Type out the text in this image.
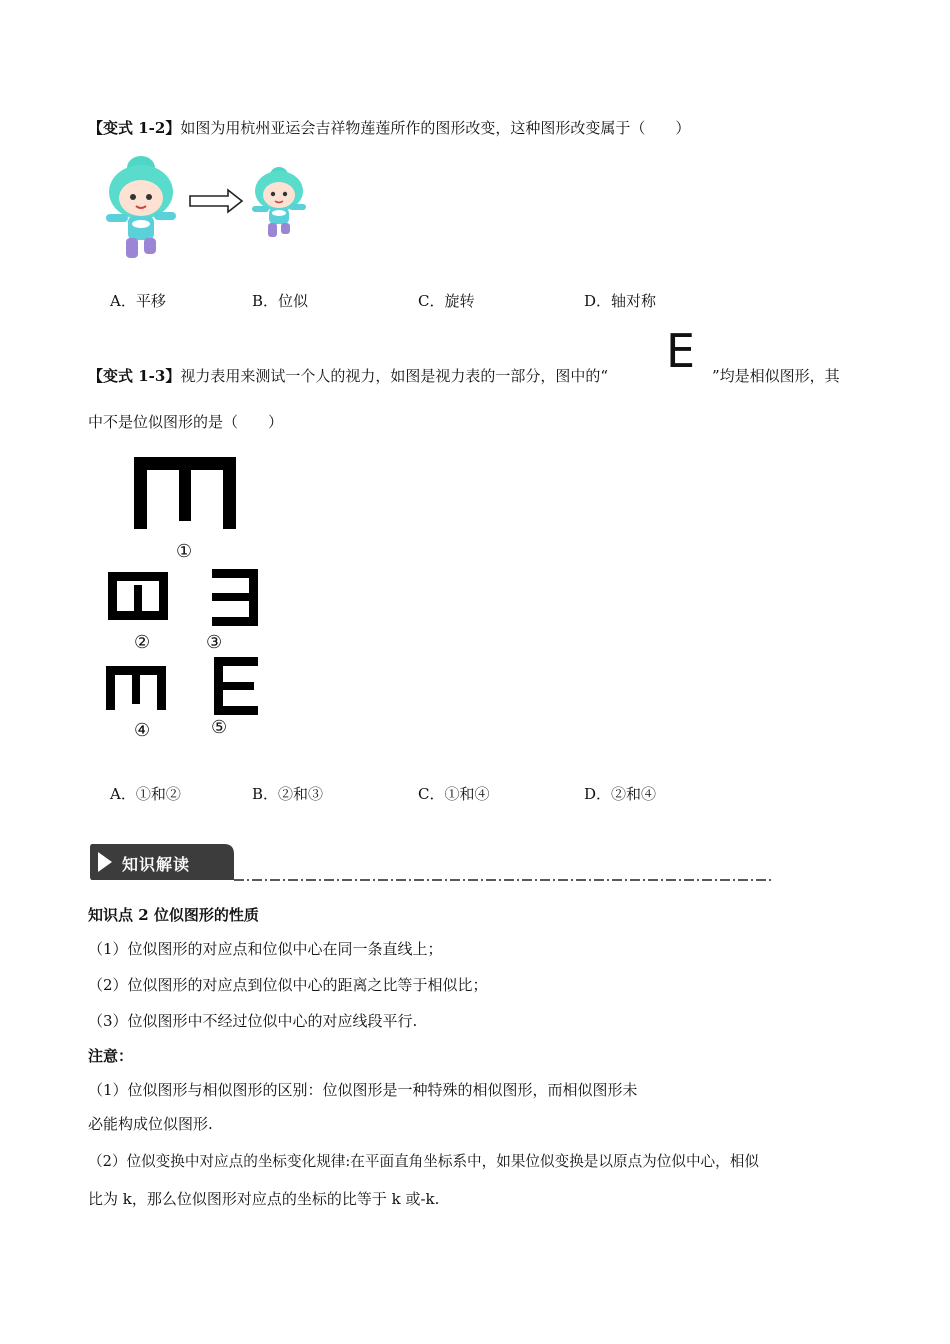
【变式 1-2】如图为用杭州亚运会吉祥物莲莲所作的图形改变，这种图形改变属于（　　）
A．平移	B．位似	C．旋转	D．轴对称
【变式 1-3】视力表用来测试一个人的视力，如图是视力表的一部分，图中的“ E ”均是相似图形，其
中不是位似图形的是（　　）
①
②	③
④	⑤
A．①和②	B．②和③	C．①和④	D．②和④
知识解读
知识点 2 位似图形的性质
（1）位似图形的对应点和位似中心在同一条直线上；
（2）位似图形的对应点到位似中心的距离之比等于相似比；
（3）位似图形中不经过位似中心的对应线段平行.
注意：
（1）位似图形与相似图形的区别：位似图形是一种特殊的相似图形，而相似图形未
必能构成位似图形.
（2）位似变换中对应点的坐标变化规律:在平面直角坐标系中，如果位似变换是以原点为位似中心，相似
比为 k，那么位似图形对应点的坐标的比等于 k 或-k.
